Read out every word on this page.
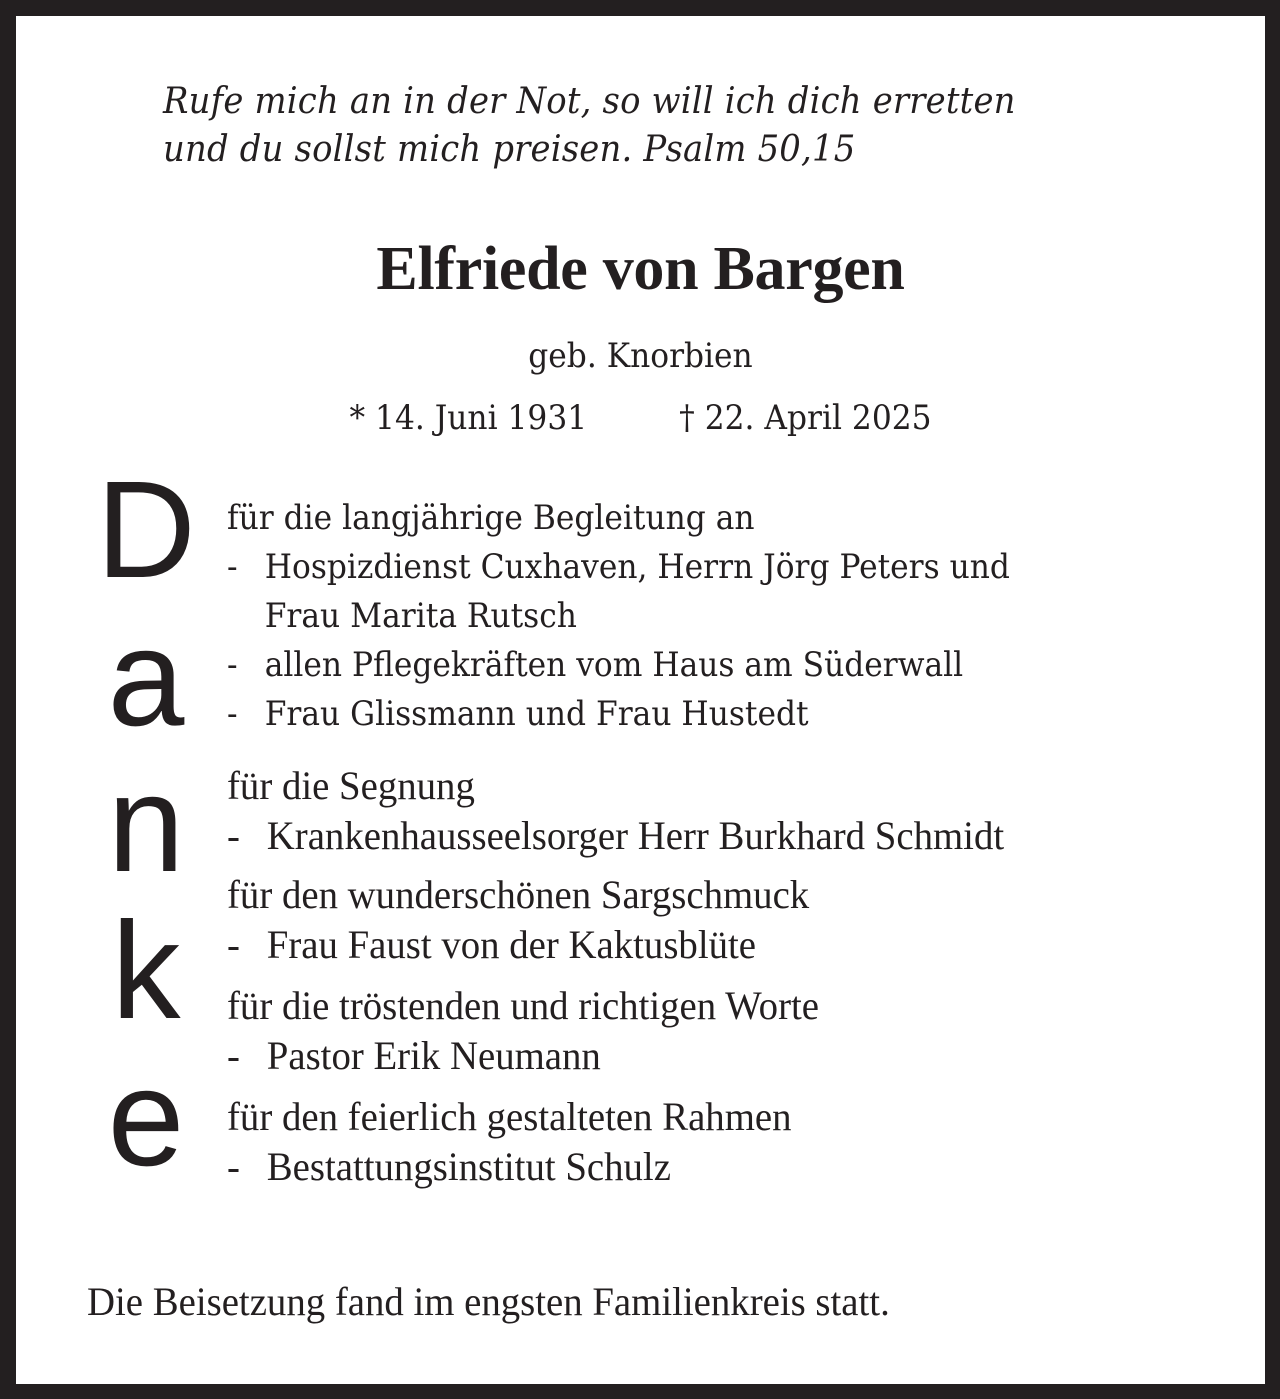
Rufe mich an in der Not, so will ich dich erretten
und du sollst mich preisen. Psalm 50,15
Elfriede von Bargen
geb. Knorbien
* 14. Juni 1931	† 22. April 2025
D
a
n
k
e
für die langjährige Begleitung an
- Hospizdienst Cuxhaven, Herrn Jörg Peters und
Frau Marita Rutsch
- allen Pflegekräften vom Haus am Süderwall
- Frau Glissmann und Frau Hustedt
für die Segnung
- Krankenhausseelsorger Herr Burkhard Schmidt
für den wunderschönen Sargschmuck
- Frau Faust von der Kaktusblüte
für die tröstenden und richtigen Worte
- Pastor Erik Neumann
für den feierlich gestalteten Rahmen
- Bestattungsinstitut Schulz
Die Beisetzung fand im engsten Familienkreis statt.
